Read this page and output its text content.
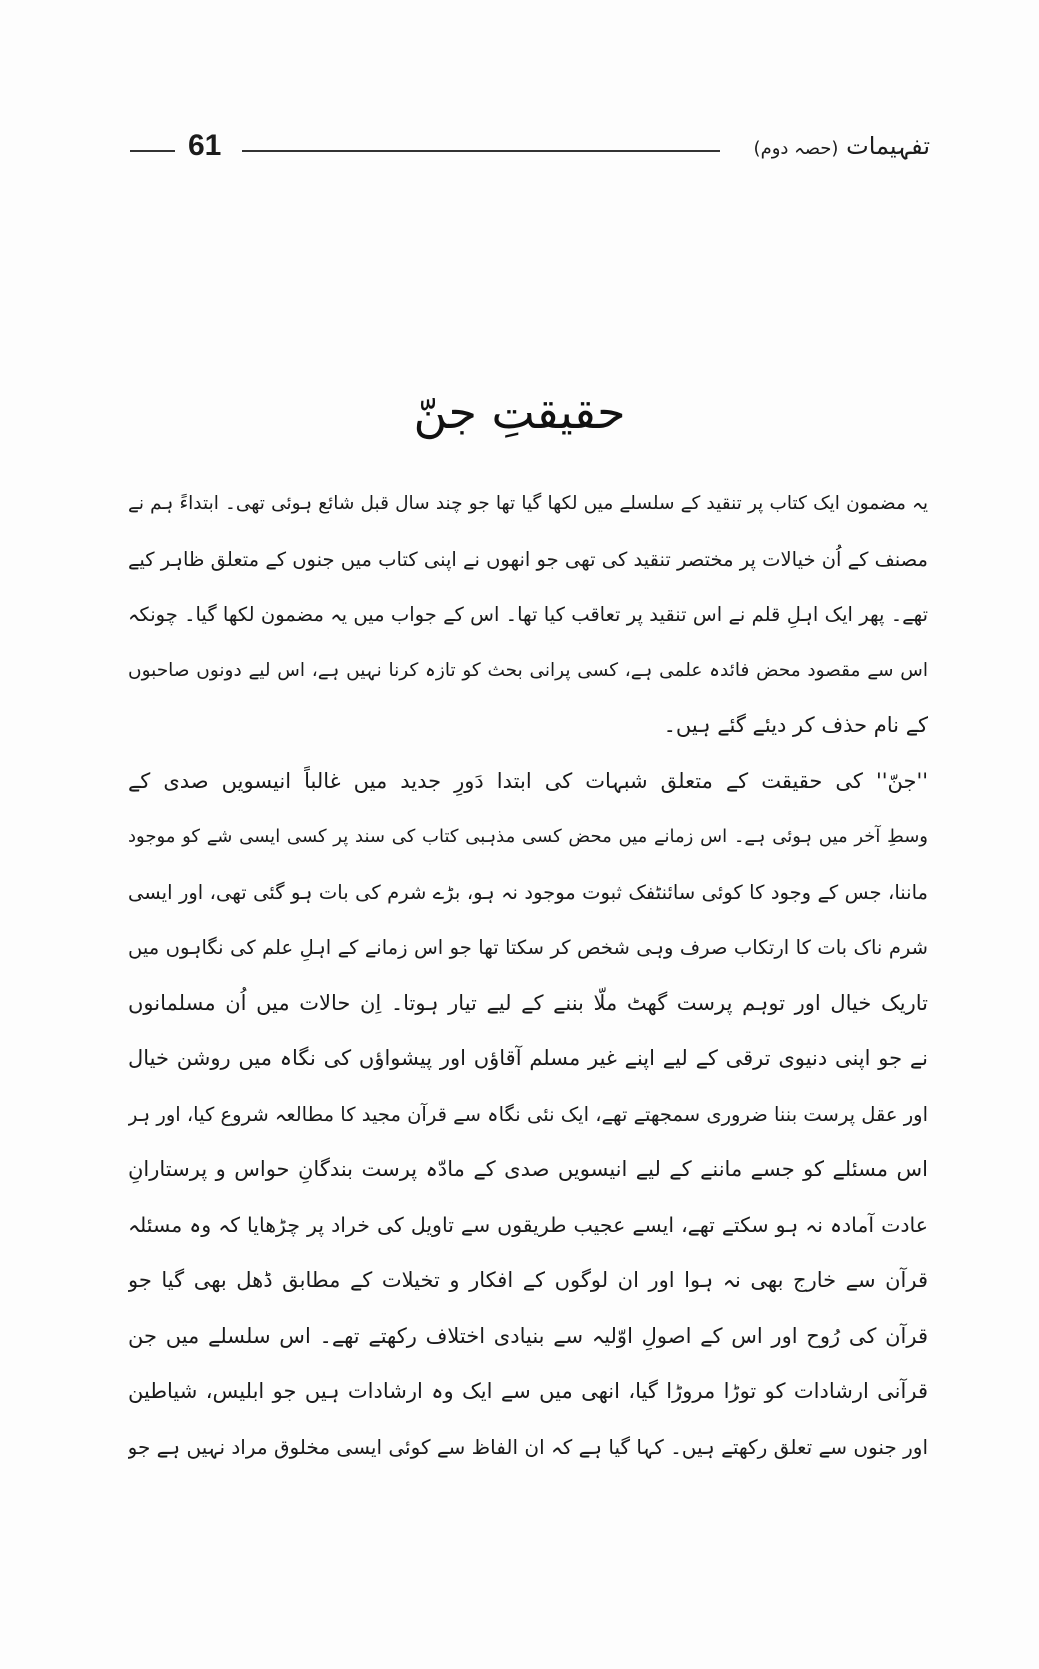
61	تفہیمات (حصہ دوم)
حقیقتِ جنّ
یہ مضمون ایک کتاب پر تنقید کے سلسلے میں لکھا گیا تھا جو چند سال قبل شائع ہوئی تھی۔ ابتداءً ہم نے
مصنف کے اُن خیالات پر مختصر تنقید کی تھی جو انھوں نے اپنی کتاب میں جنوں کے متعلق ظاہر کیے
تھے۔ پھر ایک اہلِ قلم نے اس تنقید پر تعاقب کیا تھا۔ اس کے جواب میں یہ مضمون لکھا گیا۔ چونکہ
اس سے مقصود محض فائدہ علمی ہے، کسی پرانی بحث کو تازہ کرنا نہیں ہے، اس لیے دونوں صاحبوں
کے نام حذف کر دیئے گئے ہیں۔
''جنّ'' کی حقیقت کے متعلق شبہات کی ابتدا دَورِ جدید میں غالباً انیسویں صدی کے
وسطِ آخر میں ہوئی ہے۔ اس زمانے میں محض کسی مذہبی کتاب کی سند پر کسی ایسی شے کو موجود
ماننا، جس کے وجود کا کوئی سائنٹفک ثبوت موجود نہ ہو، بڑے شرم کی بات ہو گئی تھی، اور ایسی
شرم ناک بات کا ارتکاب صرف وہی شخص کر سکتا تھا جو اس زمانے کے اہلِ علم کی نگاہوں میں
تاریک خیال اور توہم پرست گھٹ ملّا بننے کے لیے تیار ہوتا۔ اِن حالات میں اُن مسلمانوں
نے جو اپنی دنیوی ترقی کے لیے اپنے غیر مسلم آقاؤں اور پیشواؤں کی نگاہ میں روشن خیال
اور عقل پرست بننا ضروری سمجھتے تھے، ایک نئی نگاہ سے قرآن مجید کا مطالعہ شروع کیا، اور ہر
اس مسئلے کو جسے ماننے کے لیے انیسویں صدی کے مادّہ پرست بندگانِ حواس و پرستارانِ
عادت آمادہ نہ ہو سکتے تھے، ایسے عجیب طریقوں سے تاویل کی خراد پر چڑھایا کہ وہ مسئلہ
قرآن سے خارج بھی نہ ہوا اور ان لوگوں کے افکار و تخیلات کے مطابق ڈھل بھی گیا جو
قرآن کی رُوح اور اس کے اصولِ اوّلیہ سے بنیادی اختلاف رکھتے تھے۔ اس سلسلے میں جن
قرآنی ارشادات کو توڑا مروڑا گیا، انھی میں سے ایک وہ ارشادات ہیں جو ابلیس، شیاطین
اور جنوں سے تعلق رکھتے ہیں۔ کہا گیا ہے کہ ان الفاظ سے کوئی ایسی مخلوق مراد نہیں ہے جو
